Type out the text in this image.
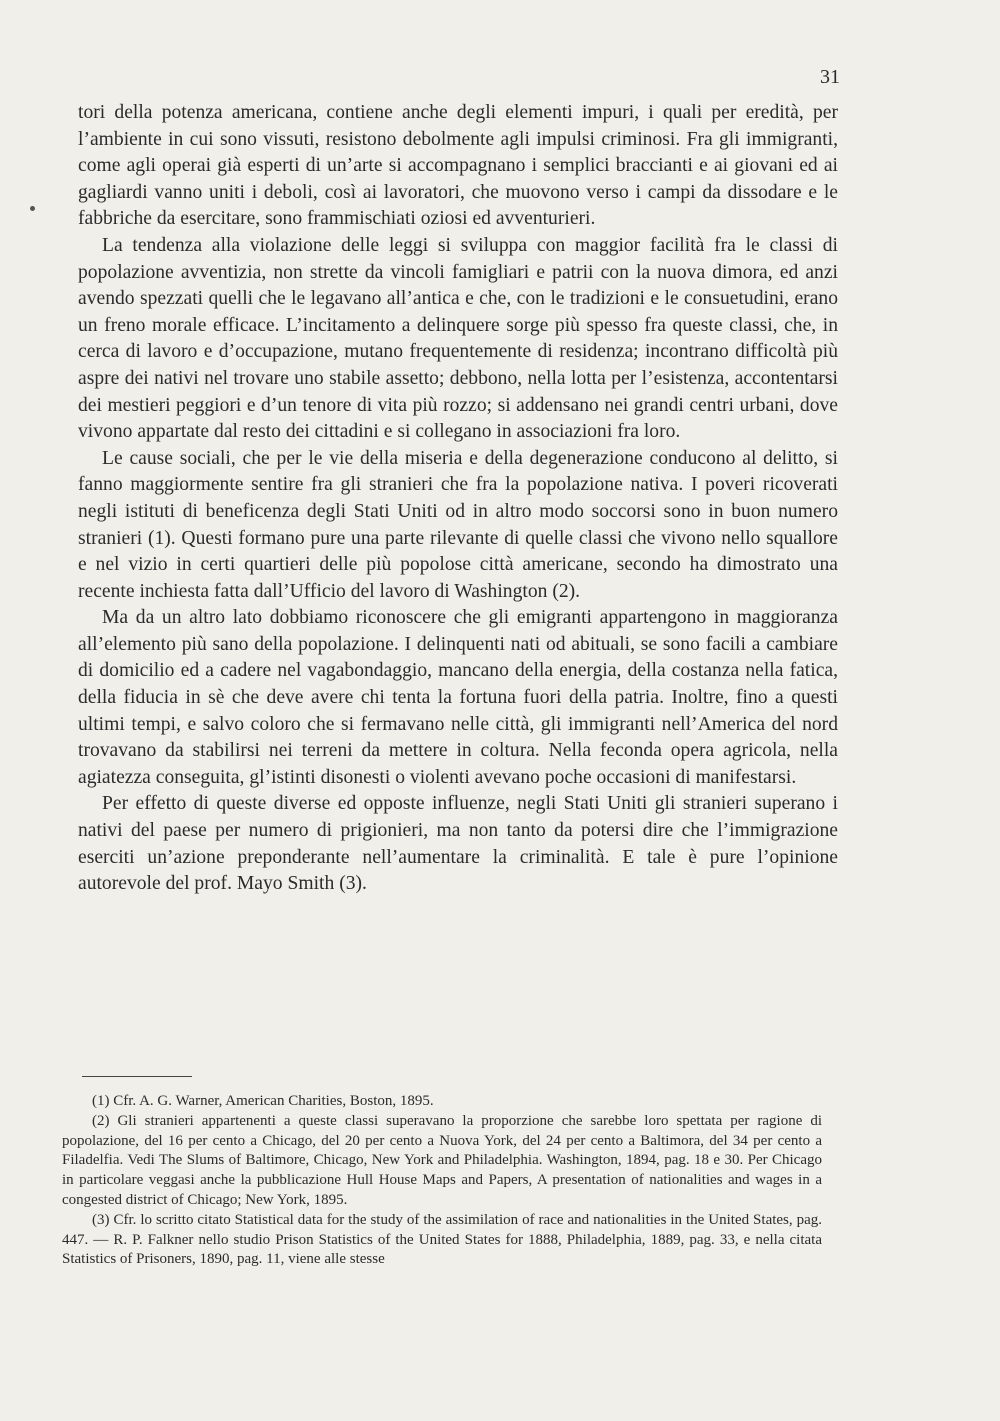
31

tori della potenza americana, contiene anche degli elementi impuri, i quali per eredità, per l’ambiente in cui sono vissuti, resistono debolmente agli impulsi criminosi. Fra gli immigranti, come agli operai già esperti di un’arte si accompagnano i semplici braccianti e ai giovani ed ai gagliardi vanno uniti i deboli, così ai lavoratori, che muovono verso i campi da dissodare e le fabbriche da esercitare, sono frammischiati oziosi ed avventurieri.

La tendenza alla violazione delle leggi si sviluppa con maggior facilità fra le classi di popolazione avventizia, non strette da vincoli famigliari e patrii con la nuova dimora, ed anzi avendo spezzati quelli che le legavano all’antica e che, con le tradizioni e le consuetudini, erano un freno morale efficace. L’incitamento a delinquere sorge più spesso fra queste classi, che, in cerca di lavoro e d’occupazione, mutano frequentemente di residenza; incontrano difficoltà più aspre dei nativi nel trovare uno stabile assetto; debbono, nella lotta per l’esistenza, accontentarsi dei mestieri peggiori e d’un tenore di vita più rozzo; si addensano nei grandi centri urbani, dove vivono appartate dal resto dei cittadini e si collegano in associazioni fra loro.

Le cause sociali, che per le vie della miseria e della degenerazione conducono al delitto, si fanno maggiormente sentire fra gli stranieri che fra la popolazione nativa. I poveri ricoverati negli istituti di beneficenza degli Stati Uniti od in altro modo soccorsi sono in buon numero stranieri (1). Questi formano pure una parte rilevante di quelle classi che vivono nello squallore e nel vizio in certi quartieri delle più popolose città americane, secondo ha dimostrato una recente inchiesta fatta dall’Ufficio del lavoro di Washington (2).

Ma da un altro lato dobbiamo riconoscere che gli emigranti appartengono in maggioranza all’elemento più sano della popolazione. I delinquenti nati od abituali, se sono facili a cambiare di domicilio ed a cadere nel vagabondaggio, mancano della energia, della costanza nella fatica, della fiducia in sè che deve avere chi tenta la fortuna fuori della patria. Inoltre, fino a questi ultimi tempi, e salvo coloro che si fermavano nelle città, gli immigranti nell’America del nord trovavano da stabilirsi nei terreni da mettere in coltura. Nella feconda opera agricola, nella agiatezza conseguita, gl’istinti disonesti o violenti avevano poche occasioni di manifestarsi.

Per effetto di queste diverse ed opposte influenze, negli Stati Uniti gli stranieri superano i nativi del paese per numero di prigionieri, ma non tanto da potersi dire che l’immigrazione eserciti un’azione preponderante nell’aumentare la criminalità. E tale è pure l’opinione autorevole del prof. Mayo Smith (3).

(1) Cfr. A. G. Warner, American Charities, Boston, 1895.

(2) Gli stranieri appartenenti a queste classi superavano la proporzione che sarebbe loro spettata per ragione di popolazione, del 16 per cento a Chicago, del 20 per cento a Nuova York, del 24 per cento a Baltimora, del 34 per cento a Filadelfia. Vedi The Slums of Baltimore, Chicago, New York and Philadelphia. Washington, 1894, pag. 18 e 30. Per Chicago in particolare veggasi anche la pubblicazione Hull House Maps and Papers, A presentation of nationalities and wages in a congested district of Chicago; New York, 1895.

(3) Cfr. lo scritto citato Statistical data for the study of the assimilation of race and nationalities in the United States, pag. 447. — R. P. Falkner nello studio Prison Statistics of the United States for 1888, Philadelphia, 1889, pag. 33, e nella citata Statistics of Prisoners, 1890, pag. 11, viene alle stesse
